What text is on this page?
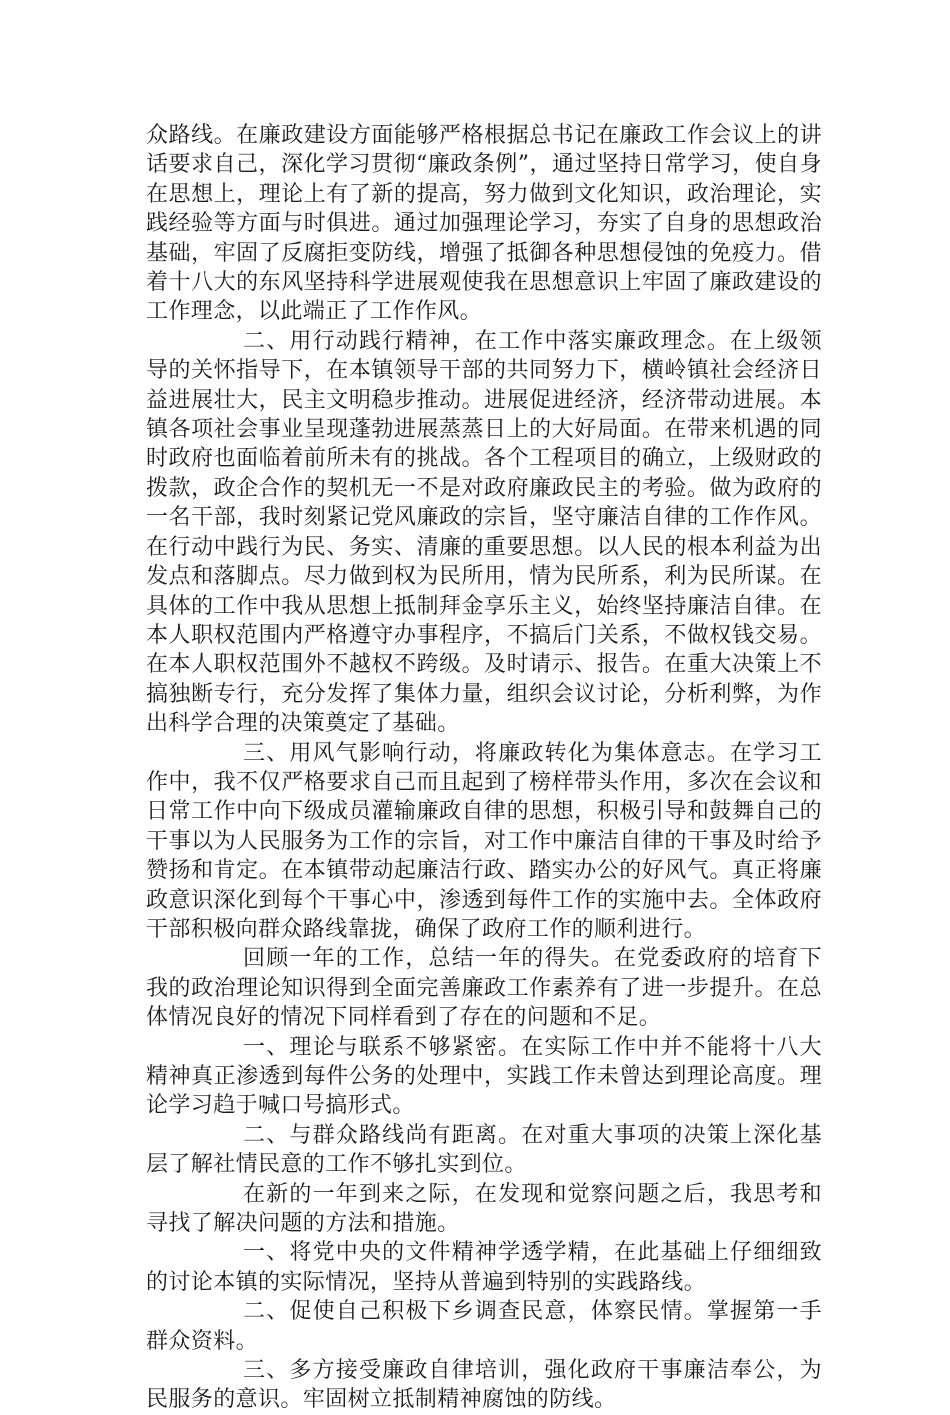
众路线。在廉政建设方面能够严格根据总书记在廉政工作会议上的讲话要求自己，深化学习贯彻“廉政条例”，通过坚持日常学习，使自身在思想上，理论上有了新的提高，努力做到文化知识，政治理论，实践经验等方面与时俱进。通过加强理论学习，夯实了自身的思想政治基础，牢固了反腐拒变防线，增强了抵御各种思想侵蚀的免疫力。借着十八大的东风坚持科学进展观使我在思想意识上牢固了廉政建设的工作理念，以此端正了工作作风。

二、用行动践行精神，在工作中落实廉政理念。在上级领导的关怀指导下，在本镇领导干部的共同努力下，横岭镇社会经济日益进展壮大，民主文明稳步推动。进展促进经济，经济带动进展。本镇各项社会事业呈现蓬勃进展蒸蒸日上的大好局面。在带来机遇的同时政府也面临着前所未有的挑战。各个工程项目的确立，上级财政的拨款，政企合作的契机无一不是对政府廉政民主的考验。做为政府的一名干部，我时刻紧记党风廉政的宗旨，坚守廉洁自律的工作作风。在行动中践行为民、务实、清廉的重要思想。以人民的根本利益为出发点和落脚点。尽力做到权为民所用，情为民所系，利为民所谋。在具体的工作中我从思想上抵制拜金享乐主义，始终坚持廉洁自律。在本人职权范围内严格遵守办事程序，不搞后门关系，不做权钱交易。在本人职权范围外不越权不跨级。及时请示、报告。在重大决策上不搞独断专行，充分发挥了集体力量，组织会议讨论，分析利弊，为作出科学合理的决策奠定了基础。

三、用风气影响行动，将廉政转化为集体意志。在学习工作中，我不仅严格要求自己而且起到了榜样带头作用，多次在会议和日常工作中向下级成员灌输廉政自律的思想，积极引导和鼓舞自己的干事以为人民服务为工作的宗旨，对工作中廉洁自律的干事及时给予赞扬和肯定。在本镇带动起廉洁行政、踏实办公的好风气。真正将廉政意识深化到每个干事心中，渗透到每件工作的实施中去。全体政府干部积极向群众路线靠拢，确保了政府工作的顺利进行。

回顾一年的工作，总结一年的得失。在党委政府的培育下我的政治理论知识得到全面完善廉政工作素养有了进一步提升。在总体情况良好的情况下同样看到了存在的问题和不足。

一、理论与联系不够紧密。在实际工作中并不能将十八大精神真正渗透到每件公务的处理中，实践工作未曾达到理论高度。理论学习趋于喊口号搞形式。

二、与群众路线尚有距离。在对重大事项的决策上深化基层了解社情民意的工作不够扎实到位。

在新的一年到来之际，在发现和觉察问题之后，我思考和寻找了解决问题的方法和措施。

一、将党中央的文件精神学透学精，在此基础上仔细细致的讨论本镇的实际情况，坚持从普遍到特别的实践路线。

二、促使自己积极下乡调查民意，体察民情。掌握第一手群众资料。

三、多方接受廉政自律培训，强化政府干事廉洁奉公，为民服务的意识。牢固树立抵制精神腐蚀的防线。
